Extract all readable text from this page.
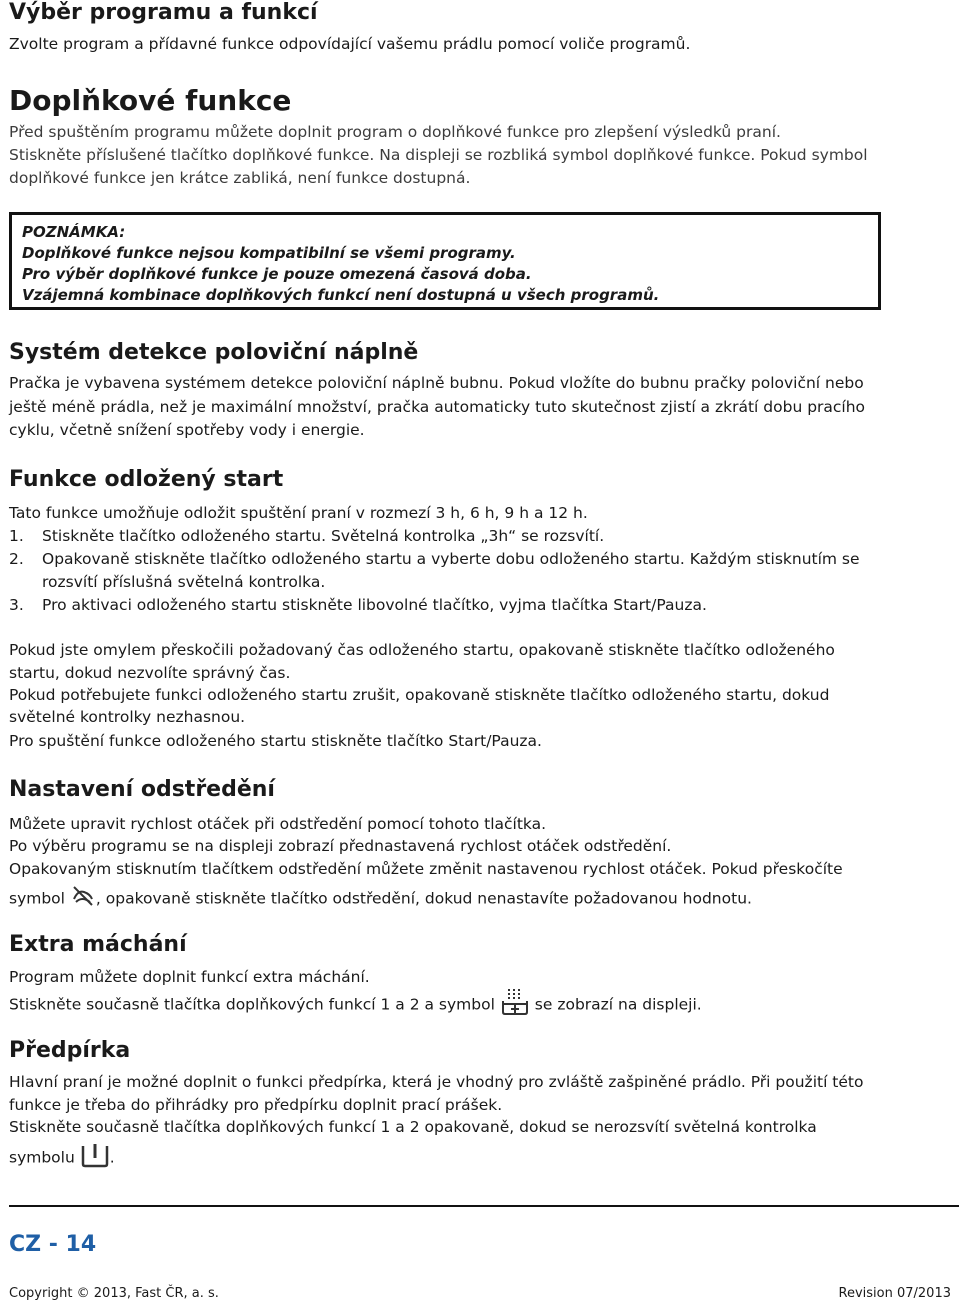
Výběr programu a funkcí
Zvolte program a přídavné funkce odpovídající vašemu prádlu pomocí voliče programů.
Doplňkové funkce
Před spuštěním programu můžete doplnit program o doplňkové funkce pro zlepšení výsledků praní.
Stiskněte příslušené tlačítko doplňkové funkce. Na displeji se rozbliká symbol doplňkové funkce. Pokud symbol
doplňkové funkce jen krátce zabliká, není funkce dostupná.
POZNÁMKA:
Doplňkové funkce nejsou kompatibilní se všemi programy.
Pro výběr doplňkové funkce je pouze omezená časová doba.
Vzájemná kombinace doplňkových funkcí není dostupná u všech programů.
Systém detekce poloviční náplně
Pračka je vybavena systémem detekce poloviční náplně bubnu. Pokud vložíte do bubnu pračky poloviční nebo
ještě méně prádla, než je maximální množství, pračka automaticky tuto skutečnost zjistí a zkrátí dobu pracího
cyklu, včetně snížení spotřeby vody i energie.
Funkce odložený start
Tato funkce umožňuje odložit spuštění praní v rozmezí 3 h, 6 h, 9 h a 12 h.
1. Stiskněte tlačítko odloženého startu. Světelná kontrolka „3h“ se rozsvítí.
2. Opakovaně stiskněte tlačítko odloženého startu a vyberte dobu odloženého startu. Každým stisknutím se
rozsvítí příslušná světelná kontrolka.
3. Pro aktivaci odloženého startu stiskněte libovolné tlačítko, vyjma tlačítka Start/Pauza.
Pokud jste omylem přeskočili požadovaný čas odloženého startu, opakovaně stiskněte tlačítko odloženého
startu, dokud nezvolíte správný čas.
Pokud potřebujete funkci odloženého startu zrušit, opakovaně stiskněte tlačítko odloženého startu, dokud
světelné kontrolky nezhasnou.
Pro spuštění funkce odloženého startu stiskněte tlačítko Start/Pauza.
Nastavení odstředění
Můžete upravit rychlost otáček při odstředění pomocí tohoto tlačítka.
Po výběru programu se na displeji zobrazí přednastavená rychlost otáček odstředění.
Opakovaným stisknutím tlačítkem odstředění můžete změnit nastavenou rychlost otáček. Pokud přeskočíte
symbol , opakovaně stiskněte tlačítko odstředění, dokud nenastavíte požadovanou hodnotu.
Extra máchání
Program můžete doplnit funkcí extra máchání.
Stiskněte současně tlačítka doplňkových funkcí 1 a 2 a symbol	se zobrazí na displeji.
Předpírka
Hlavní praní je možné doplnit o funkci předpírka, která je vhodný pro zvláště zašpiněné prádlo. Při použití této
funkce je třeba do přihrádky pro předpírku doplnit prací prášek.
Stiskněte současně tlačítka doplňkových funkcí 1 a 2 opakovaně, dokud se nerozsvítí světelná kontrolka
symbolu .
CZ - 14
Copyright © 2013, Fast ČR, a. s.	Revision 07/2013
